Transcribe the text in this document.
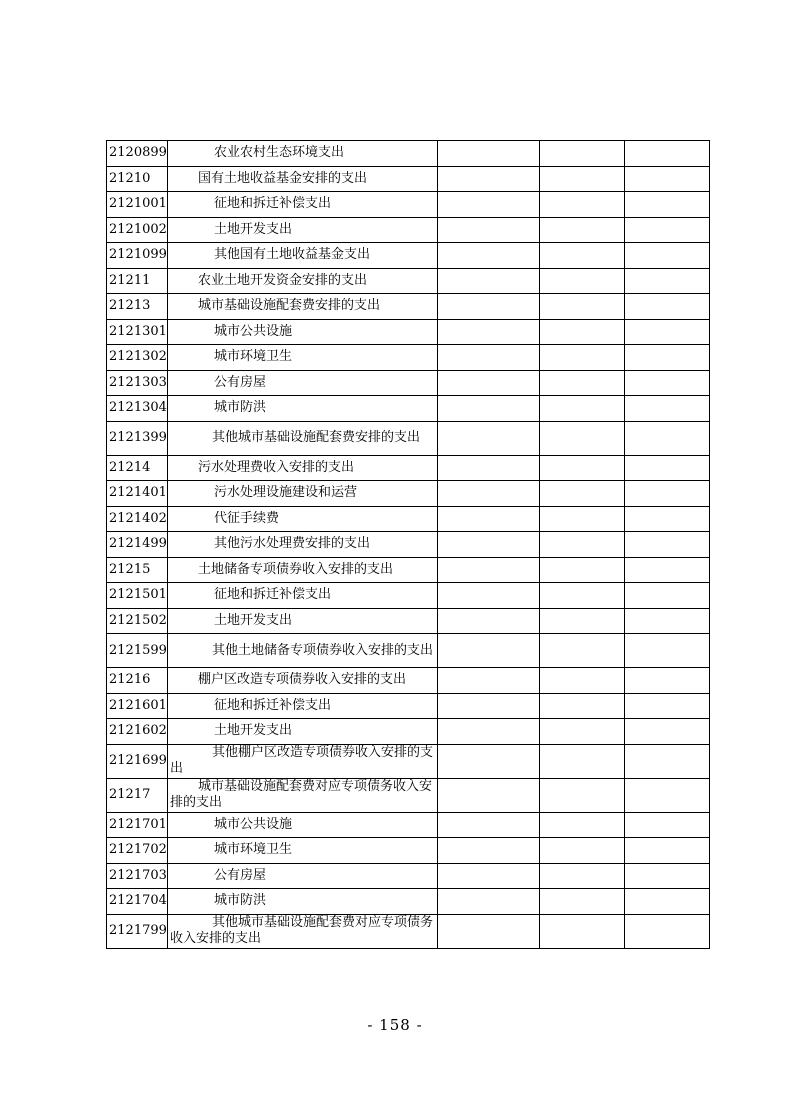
2120899	农业农村生态环境支出			
21210	国有土地收益基金安排的支出			
2121001	征地和拆迁补偿支出			
2121002	土地开发支出			
2121099	其他国有土地收益基金支出			
21211	农业土地开发资金安排的支出			
21213	城市基础设施配套费安排的支出			
2121301	城市公共设施			
2121302	城市环境卫生			
2121303	公有房屋			
2121304	城市防洪			
2121399	其他城市基础设施配套费安排的支出			

21214	污水处理费收入安排的支出			
2121401	污水处理设施建设和运营			
2121402	代征手续费			
2121499	其他污水处理费安排的支出			
21215	土地储备专项债券收入安排的支出			
2121501	征地和拆迁补偿支出			
2121502	土地开发支出			
2121599	其他土地储备专项债券收入安排的支出			

21216	棚户区改造专项债券收入安排的支出			
2121601	征地和拆迁补偿支出			
2121602	土地开发支出			
2121699	其他棚户区改造专项债券收入安排的支出			

21217	城市基础设施配套费对应专项债务收入安排的支出			

2121701	城市公共设施			
2121702	城市环境卫生			
2121703	公有房屋			
2121704	城市防洪			
2121799	其他城市基础设施配套费对应专项债务收入安排的支出			

- 158 -
